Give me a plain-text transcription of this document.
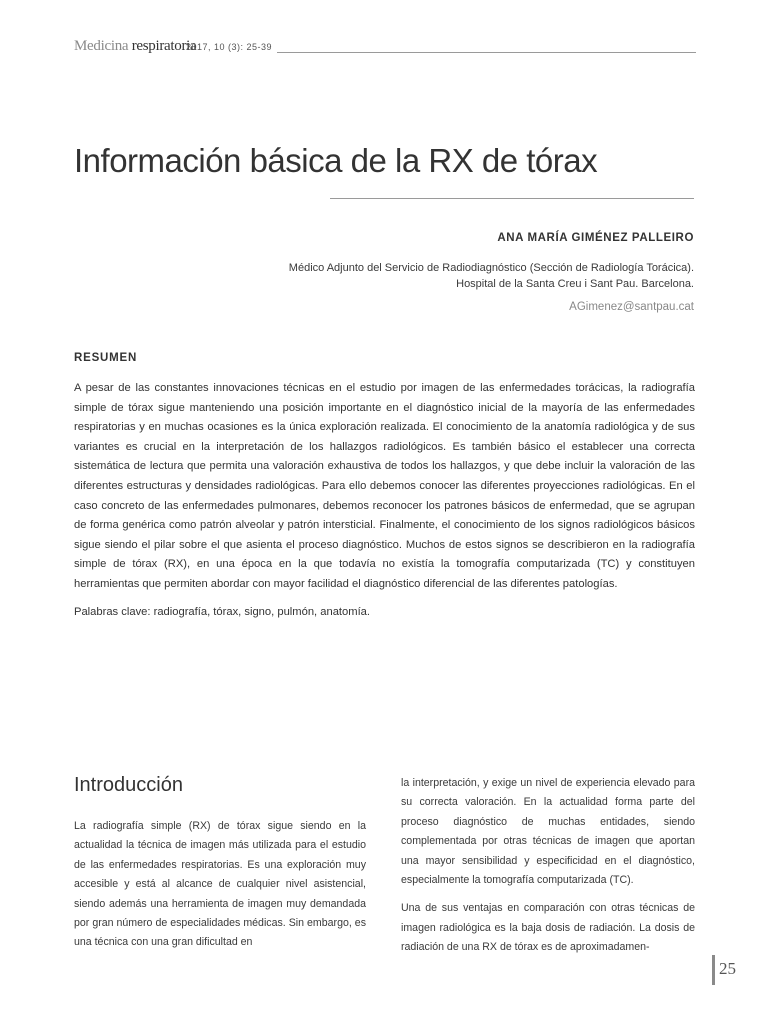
Medicina respiratoria
2017, 10 (3): 25-39
Información básica de la RX de tórax
ANA MARÍA GIMÉNEZ PALLEIRO
Médico Adjunto del Servicio de Radiodiagnóstico (Sección de Radiología Torácica).
Hospital de la Santa Creu i Sant Pau. Barcelona.
AGimenez@santpau.cat
RESUMEN

A pesar de las constantes innovaciones técnicas en el estudio por imagen de las enfermedades torácicas, la radiografía simple de tórax sigue manteniendo una posición importante en el diagnóstico inicial de la mayoría de las enfermedades respiratorias y en muchas ocasiones es la única exploración realizada. El conocimiento de la anatomía radiológica y de sus variantes es crucial en la interpretación de los hallazgos radiológicos. Es también básico el establecer una correcta sistemática de lectura que permita una valoración exhaustiva de todos los hallazgos, y que debe incluir la valoración de las diferentes estructuras y densidades radiológicas. Para ello debemos conocer las diferentes proyecciones radiológicas. En el caso concreto de las enfermedades pulmonares, debemos reconocer los patrones básicos de enfermedad, que se agrupan de forma genérica como patrón alveolar y patrón intersticial. Finalmente, el conocimiento de los signos radiológicos básicos sigue siendo el pilar sobre el que asienta el proceso diagnóstico. Muchos de estos signos se describieron en la radiografía simple de tórax (RX), en una época en la que todavía no existía la tomografía computarizada (TC) y constituyen herramientas que permiten abordar con mayor facilidad el diagnóstico diferencial de las diferentes patologías.

Palabras clave: radiografía, tórax, signo, pulmón, anatomía.

Introducción

La radiografía simple (RX) de tórax sigue siendo en la actualidad la técnica de imagen más utilizada para el estudio de las enfermedades respiratorias. Es una exploración muy accesible y está al alcance de cualquier nivel asistencial, siendo además una herramienta de imagen muy demandada por gran número de especialidades médicas. Sin embargo, es una técnica con una gran dificultad en

la interpretación, y exige un nivel de experiencia elevado para su correcta valoración. En la actualidad forma parte del proceso diagnóstico de muchas entidades, siendo complementada por otras técnicas de imagen que aportan una mayor sensibilidad y especificidad en el diagnóstico, especialmente la tomografía computarizada (TC).

Una de sus ventajas en comparación con otras técnicas de imagen radiológica es la baja dosis de radiación. La dosis de radiación de una RX de tórax es de aproximadamen-

25
